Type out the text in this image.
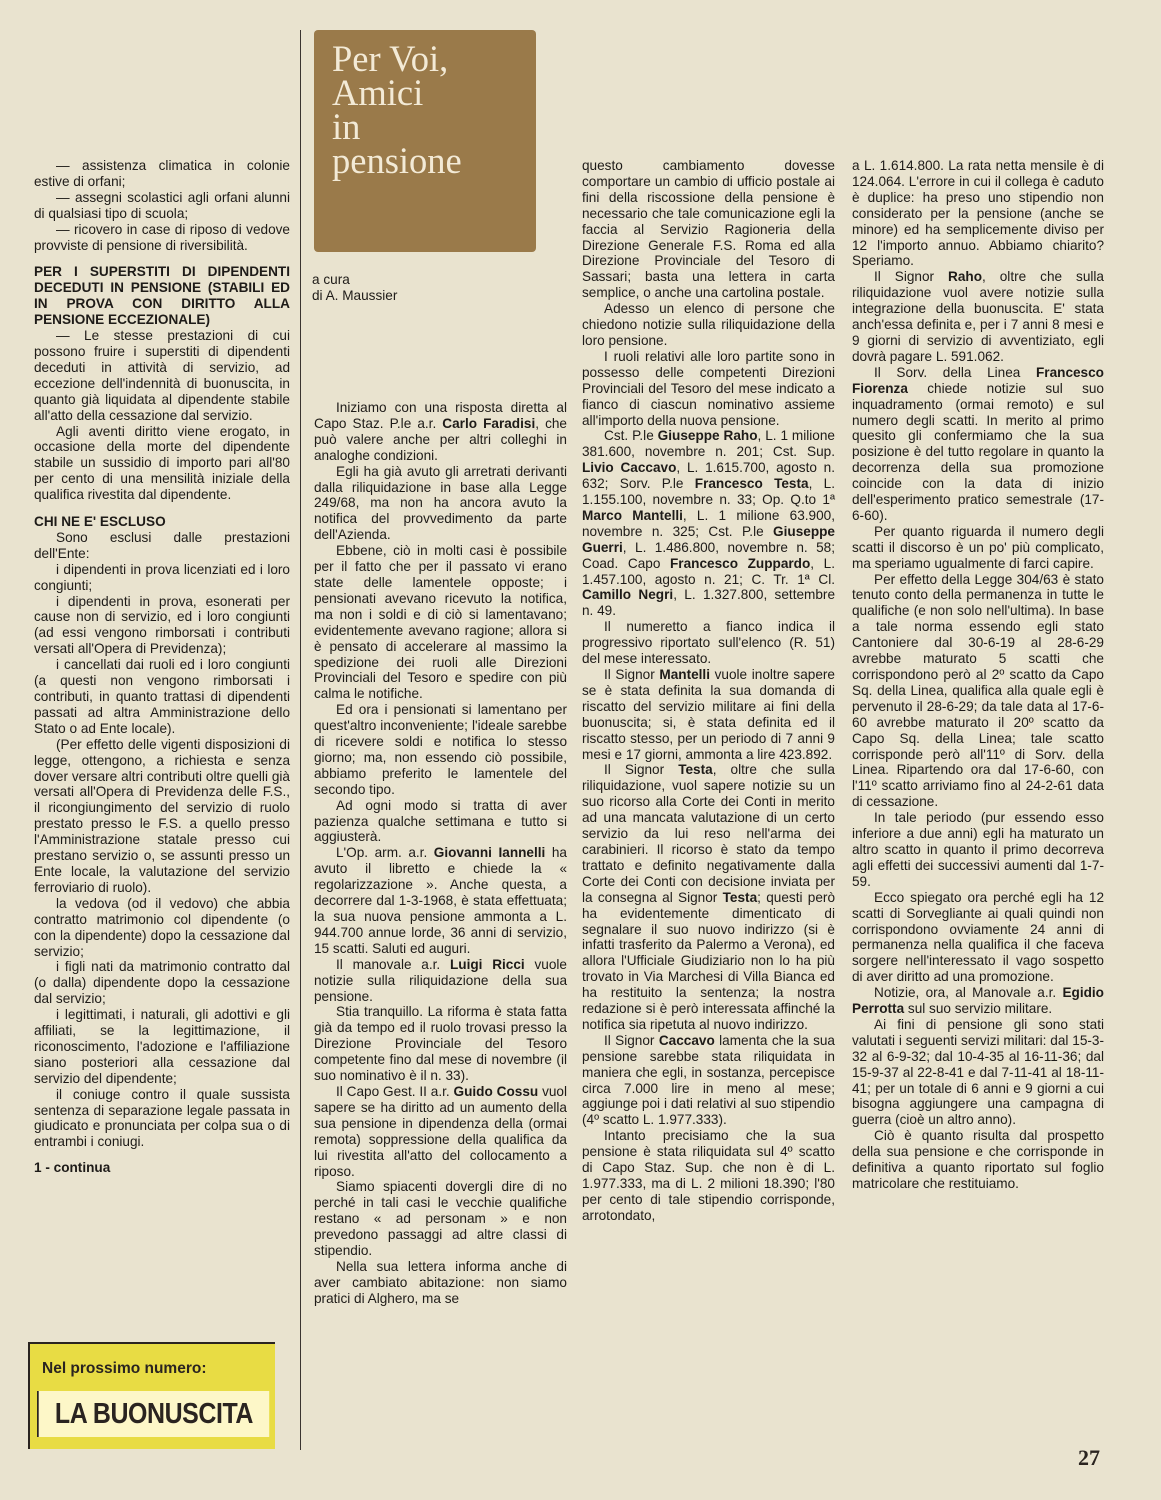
Per Voi,
Amici
in
pensione
a cura
di A. Maussier

— assistenza climatica in colonie estive di orfani;

— assegni scolastici agli orfani alunni di qualsiasi tipo di scuola;

— ricovero in case di riposo di vedove provviste di pensione di riversibilità.

PER I SUPERSTITI DI DIPENDENTI DECEDUTI IN PENSIONE (STABILI ED IN PROVA CON DIRITTO ALLA PENSIONE ECCEZIONALE)

— Le stesse prestazioni di cui possono fruire i superstiti di dipendenti deceduti in attività di servizio, ad eccezione dell'indennità di buonuscita, in quanto già liquidata al dipendente stabile all'atto della cessazione dal servizio.

Agli aventi diritto viene erogato, in occasione della morte del dipendente stabile un sussidio di importo pari all'80 per cento di una mensilità iniziale della qualifica rivestita dal dipendente.

CHI NE E' ESCLUSO

Sono esclusi dalle prestazioni dell'Ente:

i dipendenti in prova licenziati ed i loro congiunti;

i dipendenti in prova, esonerati per cause non di servizio, ed i loro congiunti (ad essi vengono rimborsati i contributi versati all'Opera di Previdenza);

i cancellati dai ruoli ed i loro congiunti (a questi non vengono rimborsati i contributi, in quanto trattasi di dipendenti passati ad altra Amministrazione dello Stato o ad Ente locale).

(Per effetto delle vigenti disposizioni di legge, ottengono, a richiesta e senza dover versare altri contributi oltre quelli già versati all'Opera di Previdenza delle F.S., il ricongiungimento del servizio di ruolo prestato presso le F.S. a quello presso l'Amministrazione statale presso cui prestano servizio o, se assunti presso un Ente locale, la valutazione del servizio ferroviario di ruolo).

la vedova (od il vedovo) che abbia contratto matrimonio col dipendente (o con la dipendente) dopo la cessazione dal servizio;

i figli nati da matrimonio contratto dal (o dalla) dipendente dopo la cessazione dal servizio;

i legittimati, i naturali, gli adottivi e gli affiliati, se la legittimazione, il riconoscimento, l'adozione e l'affiliazione siano posteriori alla cessazione dal servizio del dipendente;

il coniuge contro il quale sussista sentenza di separazione legale passata in giudicato e pronunciata per colpa sua o di entrambi i coniugi.

1 - continua

Iniziamo con una risposta diretta al Capo Staz. P.le a.r. Carlo Faradisi, che può valere anche per altri colleghi in analoghe condizioni.

Egli ha già avuto gli arretrati derivanti dalla riliquidazione in base alla Legge 249/68, ma non ha ancora avuto la notifica del provvedimento da parte dell'Azienda.

Ebbene, ciò in molti casi è possibile per il fatto che per il passato vi erano state delle lamentele opposte; i pensionati avevano ricevuto la notifica, ma non i soldi e di ciò si lamentavano; evidentemente avevano ragione; allora si è pensato di accelerare al massimo la spedizione dei ruoli alle Direzioni Provinciali del Tesoro e spedire con più calma le notifiche.

Ed ora i pensionati si lamentano per quest'altro inconveniente; l'ideale sarebbe di ricevere soldi e notifica lo stesso giorno; ma, non essendo ciò possibile, abbiamo preferito le lamentele del secondo tipo.

Ad ogni modo si tratta di aver pazienza qualche settimana e tutto si aggiusterà.

L'Op. arm. a.r. Giovanni Iannelli ha avuto il libretto e chiede la « regolarizzazione ». Anche questa, a decorrere dal 1-3-1968, è stata effettuata; la sua nuova pensione ammonta a L. 944.700 annue lorde, 36 anni di servizio, 15 scatti. Saluti ed auguri.

Il manovale a.r. Luigi Ricci vuole notizie sulla riliquidazione della sua pensione.

Stia tranquillo. La riforma è stata fatta già da tempo ed il ruolo trovasi presso la Direzione Provinciale del Tesoro competente fino dal mese di novembre (il suo nominativo è il n. 33).

Il Capo Gest. II a.r. Guido Cossu vuol sapere se ha diritto ad un aumento della sua pensione in dipendenza della (ormai remota) soppressione della qualifica da lui rivestita all'atto del collocamento a riposo.

Siamo spiacenti dovergli dire di no perché in tali casi le vecchie qualifiche restano « ad personam » e non prevedono passaggi ad altre classi di stipendio.

Nella sua lettera informa anche di aver cambiato abitazione: non siamo pratici di Alghero, ma se

questo cambiamento dovesse comportare un cambio di ufficio postale ai fini della riscossione della pensione è necessario che tale comunicazione egli la faccia al Servizio Ragioneria della Direzione Generale F.S. Roma ed alla Direzione Provinciale del Tesoro di Sassari; basta una lettera in carta semplice, o anche una cartolina postale.

Adesso un elenco di persone che chiedono notizie sulla riliquidazione della loro pensione.

I ruoli relativi alle loro partite sono in possesso delle competenti Direzioni Provinciali del Tesoro del mese indicato a fianco di ciascun nominativo assieme all'importo della nuova pensione.

Cst. P.le Giuseppe Raho, L. 1 milione 381.600, novembre n. 201; Cst. Sup. Livio Caccavo, L. 1.615.700, agosto n. 632; Sorv. P.le Francesco Testa, L. 1.155.100, novembre n. 33; Op. Q.to 1ª Marco Mantelli, L. 1 milione 63.900, novembre n. 325; Cst. P.le Giuseppe Guerri, L. 1.486.800, novembre n. 58; Coad. Capo Francesco Zuppardo, L. 1.457.100, agosto n. 21; C. Tr. 1ª Cl. Camillo Negri, L. 1.327.800, settembre n. 49.

Il numeretto a fianco indica il progressivo riportato sull'elenco (R. 51) del mese interessato.

Il Signor Mantelli vuole inoltre sapere se è stata definita la sua domanda di riscatto del servizio militare ai fini della buonuscita; si, è stata definita ed il riscatto stesso, per un periodo di 7 anni 9 mesi e 17 giorni, ammonta a lire 423.892.

Il Signor Testa, oltre che sulla riliquidazione, vuol sapere notizie su un suo ricorso alla Corte dei Conti in merito ad una mancata valutazione di un certo servizio da lui reso nell'arma dei carabinieri. Il ricorso è stato da tempo trattato e definito negativamente dalla Corte dei Conti con decisione inviata per la consegna al Signor Testa; questi però ha evidentemente dimenticato di segnalare il suo nuovo indirizzo (si è infatti trasferito da Palermo a Verona), ed allora l'Ufficiale Giudiziario non lo ha più trovato in Via Marchesi di Villa Bianca ed ha restituito la sentenza; la nostra redazione si è però interessata affinché la notifica sia ripetuta al nuovo indirizzo.

Il Signor Caccavo lamenta che la sua pensione sarebbe stata riliquidata in maniera che egli, in sostanza, percepisce circa 7.000 lire in meno al mese; aggiunge poi i dati relativi al suo stipendio (4º scatto L. 1.977.333).

Intanto precisiamo che la sua pensione è stata riliquidata sul 4º scatto di Capo Staz. Sup. che non è di L. 1.977.333, ma di L. 2 milioni 18.390; l'80 per cento di tale stipendio corrisponde, arrotondato,

a L. 1.614.800. La rata netta mensile è di 124.064. L'errore in cui il collega è caduto è duplice: ha preso uno stipendio non considerato per la pensione (anche se minore) ed ha semplicemente diviso per 12 l'importo annuo. Abbiamo chiarito? Speriamo.

Il Signor Raho, oltre che sulla riliquidazione vuol avere notizie sulla integrazione della buonuscita. E' stata anch'essa definita e, per i 7 anni 8 mesi e 9 giorni di servizio di avventiziato, egli dovrà pagare L. 591.062.

Il Sorv. della Linea Francesco Fiorenza chiede notizie sul suo inquadramento (ormai remoto) e sul numero degli scatti. In merito al primo quesito gli confermiamo che la sua posizione è del tutto regolare in quanto la decorrenza della sua promozione coincide con la data di inizio dell'esperimento pratico semestrale (17-6-60).

Per quanto riguarda il numero degli scatti il discorso è un po' più complicato, ma speriamo ugualmente di farci capire.

Per effetto della Legge 304/63 è stato tenuto conto della permanenza in tutte le qualifiche (e non solo nell'ultima). In base a tale norma essendo egli stato Cantoniere dal 30-6-19 al 28-6-29 avrebbe maturato 5 scatti che corrispondono però al 2º scatto da Capo Sq. della Linea, qualifica alla quale egli è pervenuto il 28-6-29; da tale data al 17-6-60 avrebbe maturato il 20º scatto da Capo Sq. della Linea; tale scatto corrisponde però all'11º di Sorv. della Linea. Ripartendo ora dal 17-6-60, con l'11º scatto arriviamo fino al 24-2-61 data di cessazione.

In tale periodo (pur essendo esso inferiore a due anni) egli ha maturato un altro scatto in quanto il primo decorreva agli effetti dei successivi aumenti dal 1-7-59.

Ecco spiegato ora perché egli ha 12 scatti di Sorvegliante ai quali quindi non corrispondono ovviamente 24 anni di permanenza nella qualifica il che faceva sorgere nell'interessato il vago sospetto di aver diritto ad una promozione.

Notizie, ora, al Manovale a.r. Egidio Perrotta sul suo servizio militare.

Ai fini di pensione gli sono stati valutati i seguenti servizi militari: dal 15-3-32 al 6-9-32; dal 10-4-35 al 16-11-36; dal 15-9-37 al 22-8-41 e dal 7-11-41 al 18-11-41; per un totale di 6 anni e 9 giorni a cui bisogna aggiungere una campagna di guerra (cioè un altro anno).

Ciò è quanto risulta dal prospetto della sua pensione e che corrisponde in definitiva a quanto riportato sul foglio matricolare che restituiamo.

Nel prossimo numero:
LA BUONUSCITA
27
